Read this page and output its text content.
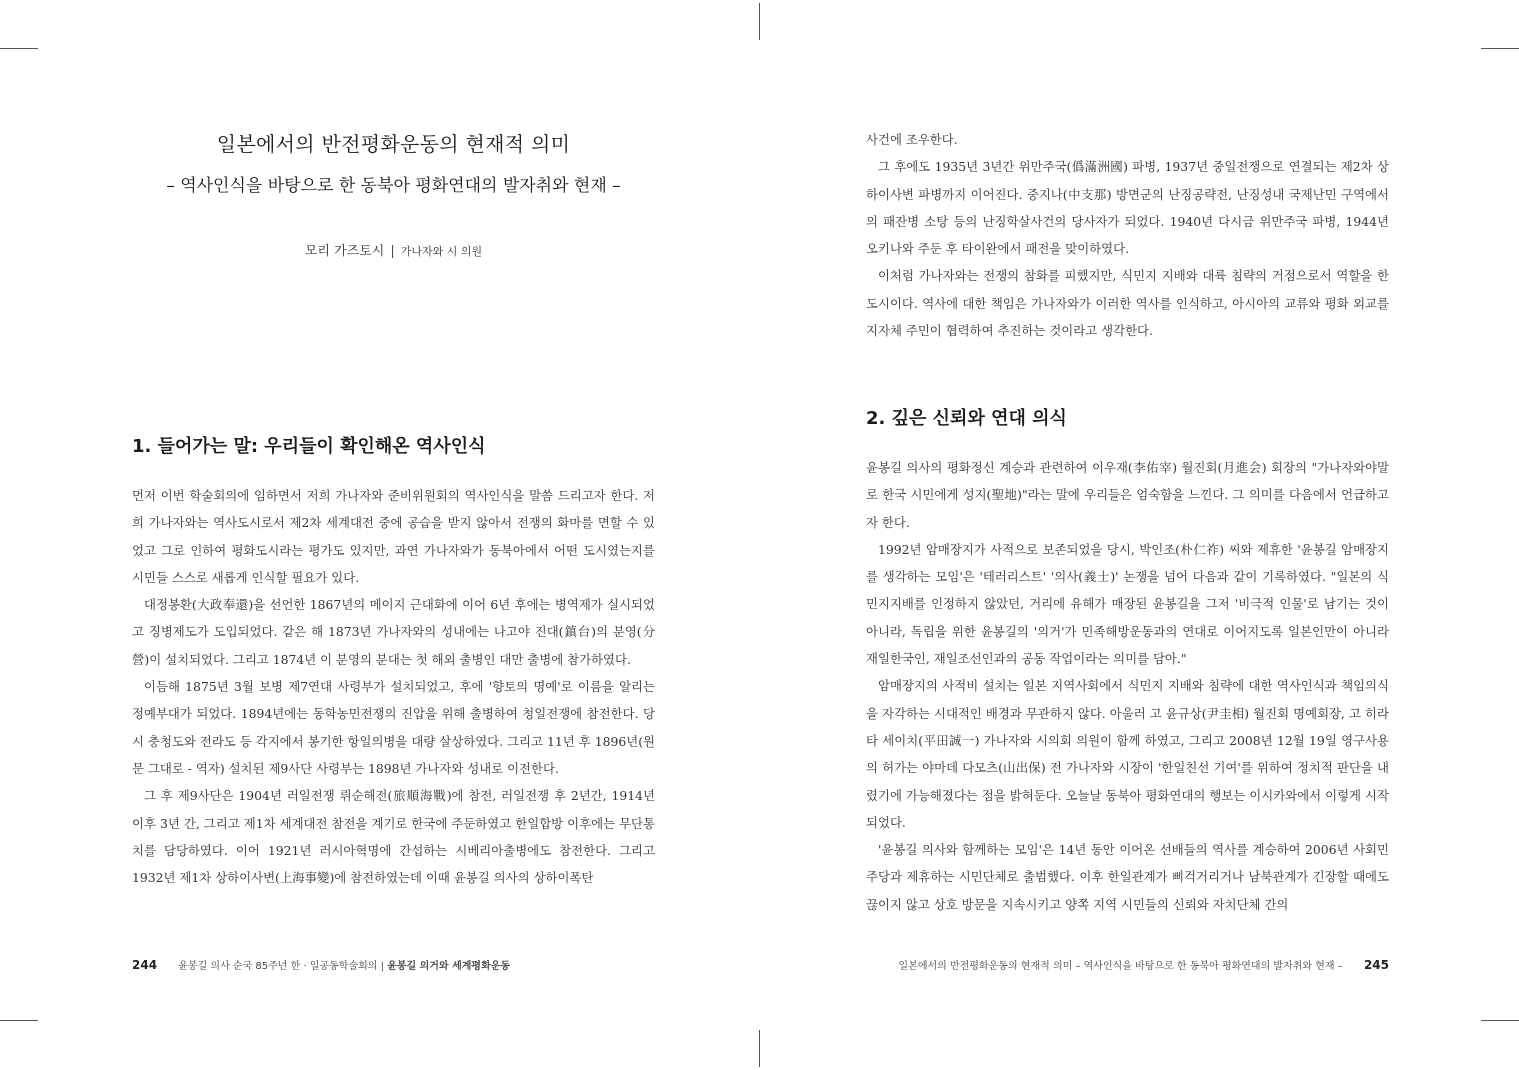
일본에서의 반전평화운동의 현재적 의미
– 역사인식을 바탕으로 한 동북아 평화연대의 발자취와 현재 –
모리 가즈토시 | 가나자와 시 의원
1. 들어가는 말: 우리들이 확인해온 역사인식

먼저 이번 학술회의에 임하면서 저희 가나자와 준비위원회의 역사인식을 말씀 드리고자 한다. 저희 가나자와는 역사도시로서 제2차 세계대전 중에 공습을 받지 않아서 전쟁의 화마를 면할 수 있었고 그로 인하여 평화도시라는 평가도 있지만, 과연 가나자와가 동북아에서 어떤 도시였는지를 시민들 스스로 새롭게 인식할 필요가 있다.

대정봉환(大政奉還)을 선언한 1867년의 메이지 근대화에 이어 6년 후에는 병역제가 실시되었고 징병제도가 도입되었다. 같은 해 1873년 가나자와의 성내에는 나고야 진대(鎮台)의 분영(分營)이 설치되었다. 그리고 1874년 이 분영의 분대는 첫 해외 출병인 대만 출병에 참가하였다.

이듬해 1875년 3월 보병 제7연대 사령부가 설치되었고, 후에 '향토의 명예'로 이름을 알리는 정예부대가 되었다. 1894년에는 동학농민전쟁의 진압을 위해 출병하여 청일전쟁에 참전한다. 당시 충청도와 전라도 등 각지에서 봉기한 항일의병을 대량 살상하였다. 그리고 11년 후 1896년(원문 그대로 - 역자) 설치된 제9사단 사령부는 1898년 가나자와 성내로 이전한다.

그 후 제9사단은 1904년 러일전쟁 뤼순해전(旅順海戰)에 참전, 러일전쟁 후 2년간, 1914년 이후 3년 간, 그리고 제1차 세계대전 참전을 계기로 한국에 주둔하였고 한일합방 이후에는 무단통치를 담당하였다. 이어 1921년 러시아혁명에 간섭하는 시베리아출병에도 참전한다. 그리고 1932년 제1차 상하이사변(上海事變)에 참전하였는데 이때 윤봉길 의사의 상하이폭탄

244 윤봉길 의사 순국 85주년 한 · 일공동학술회의 | 윤봉길 의거와 세계평화운동

사건에 조우한다.

그 후에도 1935년 3년간 위만주국(僞滿洲國) 파병, 1937년 중일전쟁으로 연결되는 제2차 상하이사변 파병까지 이어진다. 중지나(中支那) 방면군의 난징공략전, 난징성내 국제난민 구역에서의 패잔병 소탕 등의 난징학살사건의 당사자가 되었다. 1940년 다시금 위만주국 파병, 1944년 오키나와 주둔 후 타이완에서 패전을 맞이하였다.

이처럼 가나자와는 전쟁의 참화를 피했지만, 식민지 지배와 대륙 침략의 거점으로서 역할을 한 도시이다. 역사에 대한 책임은 가나자와가 이러한 역사를 인식하고, 아시아의 교류와 평화 외교를 지자체 주민이 협력하여 추진하는 것이라고 생각한다.

2. 깊은 신뢰와 연대 의식

윤봉길 의사의 평화정신 계승과 관련하여 이우재(李佑宰) 월진회(月進会) 회장의 "가나자와야말로 한국 시민에게 성지(聖地)"라는 말에 우리들은 엄숙함을 느낀다. 그 의미를 다음에서 언급하고자 한다.

1992년 암매장지가 사적으로 보존되었을 당시, 박인조(朴仁祚) 씨와 제휴한 '윤봉길 암매장지를 생각하는 모임'은 '테러리스트' '의사(義士)' 논쟁을 넘어 다음과 같이 기록하였다. "일본의 식민지지배를 인정하지 않았던, 거리에 유해가 매장된 윤봉길을 그저 '비극적 인물'로 남기는 것이 아니라, 독립을 위한 윤봉길의 '의거'가 민족해방운동과의 연대로 이어지도록 일본인만이 아니라 재일한국인, 재일조선인과의 공동 작업이라는 의미를 담아."

암매장지의 사적비 설치는 일본 지역사회에서 식민지 지배와 침략에 대한 역사인식과 책임의식을 자각하는 시대적인 배경과 무관하지 않다. 아울러 고 윤규상(尹圭相) 월진회 명예회장, 고 히라타 세이치(平田誠一) 가나자와 시의회 의원이 함께 하였고, 그리고 2008년 12월 19일 영구사용의 허가는 야마데 다모츠(山出保) 전 가나자와 시장이 '한일친선 기여'를 위하여 정치적 판단을 내렸기에 가능해졌다는 점을 밝혀둔다. 오늘날 동북아 평화연대의 행보는 이시카와에서 이렇게 시작되었다.

'윤봉길 의사와 함께하는 모임'은 14년 동안 이어온 선배들의 역사를 계승하여 2006년 사회민주당과 제휴하는 시민단체로 출범했다. 이후 한일관계가 삐걱거리거나 남북관계가 긴장할 때에도 끊이지 않고 상호 방문을 지속시키고 양쪽 지역 시민들의 신뢰와 자치단체 간의

일본에서의 반전평화운동의 현재적 의미 – 역사인식을 바탕으로 한 동북아 평화연대의 발자취와 현재 – 245
